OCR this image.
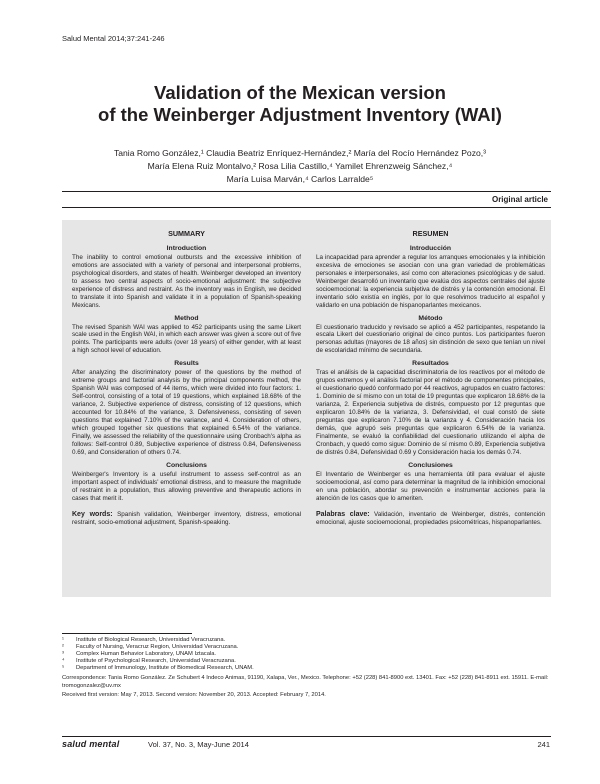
Salud Mental 2014;37:241-246
Validation of the Mexican version
of the Weinberger Adjustment Inventory (WAI)
Tania Romo González,¹ Claudia Beatriz Enríquez-Hernández,² María del Rocío Hernández Pozo,³
María Elena Ruiz Montalvo,² Rosa Lilia Castillo,⁴ Yamilet Ehrenzweig Sánchez,⁴
María Luisa Marván,⁴ Carlos Larralde⁵
Original article
SUMMARY
Introduction

The inability to control emotional outbursts and the excessive inhibition of emotions are associated with a variety of personal and interpersonal problems, psychological disorders, and states of health. Weinberger developed an inventory to assess two central aspects of socio-emotional adjustment: the subjective experience of distress and restraint. As the inventory was in English, we decided to translate it into Spanish and validate it in a population of Spanish-speaking Mexicans.

Method

The revised Spanish WAI was applied to 452 participants using the same Likert scale used in the English WAI, in which each answer was given a score out of five points. The participants were adults (over 18 years) of either gender, with at least a high school level of education.

Results

After analyzing the discriminatory power of the questions by the method of extreme groups and factorial analysis by the principal components method, the Spanish WAI was composed of 44 items, which were divided into four factors: 1. Self-control, consisting of a total of 19 questions, which explained 18.68% of the variance, 2. Subjective experience of distress, consisting of 12 questions, which accounted for 10.84% of the variance, 3. Defensiveness, consisting of seven questions that explained 7.10% of the variance, and 4. Consideration of others, which grouped together six questions that explained 6.54% of the variance. Finally, we assessed the reliability of the questionnaire using Cronbach's alpha as follows: Self-control 0.89, Subjective experience of distress 0.84, Defensiveness 0.69, and Consideration of others 0.74.

Conclusions

Weinberger's Inventory is a useful instrument to assess self-control as an important aspect of individuals' emotional distress, and to measure the magnitude of restraint in a population, thus allowing preventive and therapeutic actions in cases that merit it.

Key words: Spanish validation, Weinberger inventory, distress, emotional restraint, socio-emotional adjustment, Spanish-speaking.

RESUMEN
Introducción

La incapacidad para aprender a regular los arranques emocionales y la inhibición excesiva de emociones se asocian con una gran variedad de problemáticas personales e interpersonales, así como con alteraciones psicológicas y de salud. Weinberger desarrolló un inventario que evalúa dos aspectos centrales del ajuste socioemocional: la experiencia subjetiva de distrés y la contención emocional. El inventario sólo existía en inglés, por lo que resolvimos traducirlo al español y validarlo en una población de hispanoparlantes mexicanos.

Método

El cuestionario traducido y revisado se aplicó a 452 participantes, respetando la escala Likert del cuestionario original de cinco puntos. Los participantes fueron personas adultas (mayores de 18 años) sin distinción de sexo que tenían un nivel de escolaridad mínimo de secundaria.

Resultados

Tras el análisis de la capacidad discriminatoria de los reactivos por el método de grupos extremos y el análisis factorial por el método de componentes principales, el cuestionario quedó conformado por 44 reactivos, agrupados en cuatro factores: 1. Dominio de sí mismo con un total de 19 preguntas que explicaron 18.68% de la varianza, 2. Experiencia subjetiva de distrés, compuesto por 12 preguntas que explicaron 10.84% de la varianza, 3. Defensividad, el cual constó de siete preguntas que explicaron 7.10% de la varianza y 4. Consideración hacia los demás, que agrupó seis preguntas que explicaron 6.54% de la varianza. Finalmente, se evaluó la confiabilidad del cuestionario utilizando el alpha de Cronbach, y quedó como sigue: Dominio de sí mismo 0.89, Experiencia subjetiva de distrés 0.84, Defensividad 0.69 y Consideración hacia los demás 0.74.

Conclusiones

El Inventario de Weinberger es una herramienta útil para evaluar el ajuste socioemocional, así como para determinar la magnitud de la inhibición emocional en una población, abordar su prevención e instrumentar acciones para la atención de los casos que lo ameriten.

Palabras clave: Validación, inventario de Weinberger, distrés, contención emocional, ajuste socioemocional, propiedades psicométricas, hispanoparlantes.

¹	Institute of Biological Research, Universidad Veracruzana.
²	Faculty of Nursing, Veracruz Region, Universidad Veracruzana.
³	Complex Human Behavior Laboratory, UNAM Iztacala.
⁴	Institute of Psychological Research, Universidad Veracruzana.
⁵	Department of Immunology, Institute of Biomedical Research, UNAM.
Correspondence: Tania Romo González. Ze Schubert 4 Indeco Animas, 91190, Xalapa, Ver., Mexico. Telephone: +52 (228) 841-8900 ext. 13401. Fax: +52 (228) 841-8911 ext. 15911. E-mail: tromogonzalez@uv.mx
Received first version: May 7, 2013. Second version: November 20, 2013. Accepted: February 7, 2014.
salud mental	Vol. 37, No. 3, May-June 2014	241
